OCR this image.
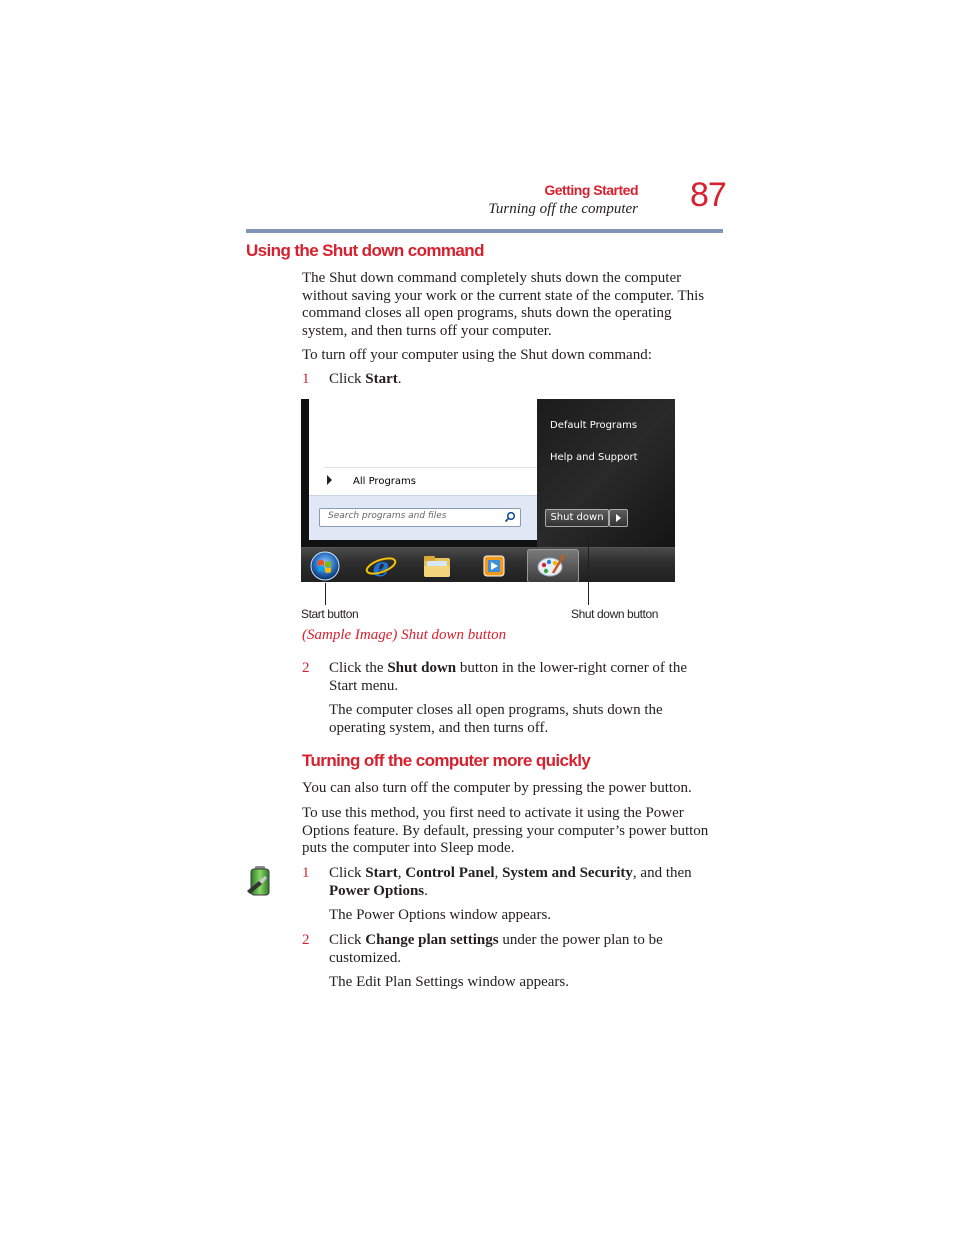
Getting Started
Turning off the computer 87
Using the Shut down command
The Shut down command completely shuts down the computer
without saving your work or the current state of the computer. This
command closes all open programs, shuts down the operating
system, and then turns off your computer.
To turn off your computer using the Shut down command:
1 Click Start.
All Programs
Search programs and files
Default Programs
Help and Support
Shut down
e
Start button	Shut down button
(Sample Image) Shut down button
2 Click the Shut down button in the lower-right corner of the
Start menu.
The computer closes all open programs, shuts down the
operating system, and then turns off.
Turning off the computer more quickly
You can also turn off the computer by pressing the power button.
To use this method, you first need to activate it using the Power
Options feature. By default, pressing your computer’s power button
puts the computer into Sleep mode.
1 Click Start, Control Panel, System and Security, and then
Power Options.
The Power Options window appears.
2 Click Change plan settings under the power plan to be
customized.
The Edit Plan Settings window appears.
